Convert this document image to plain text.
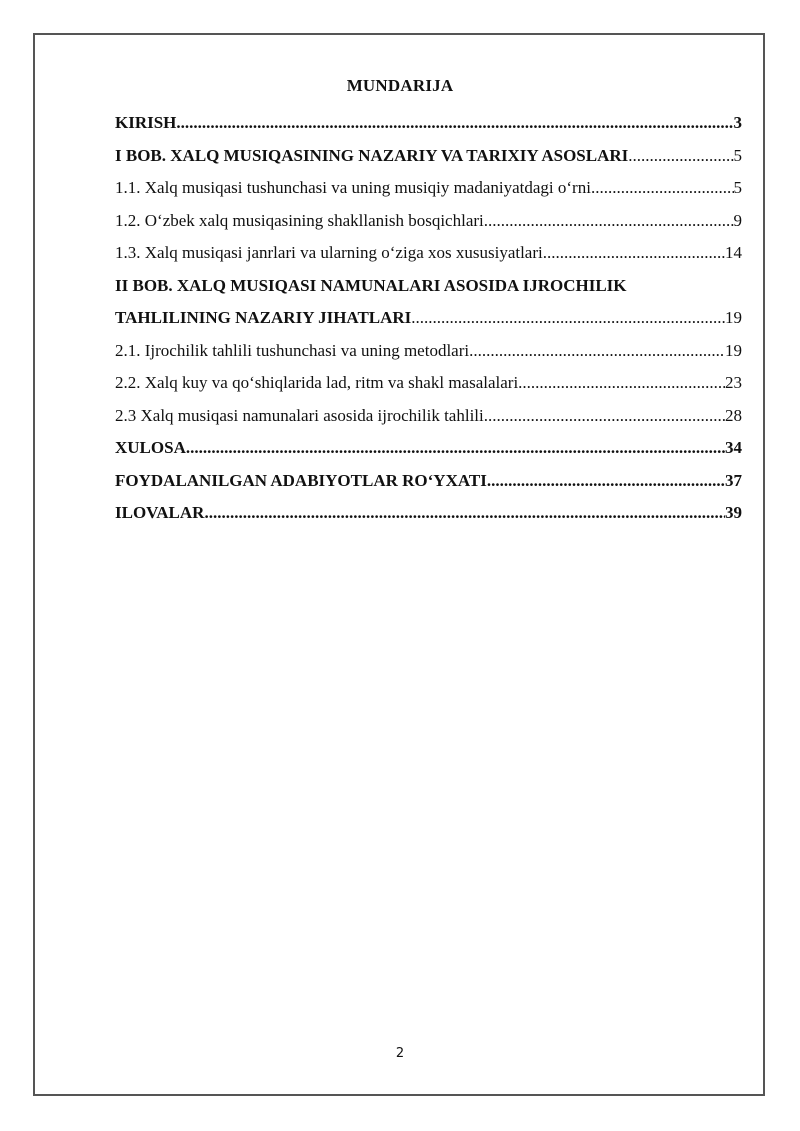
MUNDARIJA
KIRISH .....	3
I BOB. XALQ MUSIQASINING NAZARIY VA TARIXIY ASOSLARI .....	5
1.1. Xalq musiqasi tushunchasi va uning musiqiy madaniyatdagi o‘rni .....	5
1.2. O‘zbek xalq musiqasining shakllanish bosqichlari .....	9
1.3. Xalq musiqasi janrlari va ularning o‘ziga xos xususiyatlari .....	14
II BOB. XALQ MUSIQASI NAMUNALARI ASOSIDA IJROCHILIK
TAHLILINING NAZARIY JIHATLARI .....	19
2.1. Ijrochilik tahlili tushunchasi va uning metodlari .....	19
2.2. Xalq kuy va qo‘shiqlarida lad, ritm va shakl masalalari .....	23
2.3 Xalq musiqasi namunalari asosida ijrochilik tahlili .....	28
XULOSA .....	34
FOYDALANILGAN ADABIYOTLAR RO‘YXATI .....	37
ILOVALAR .....	39
2
